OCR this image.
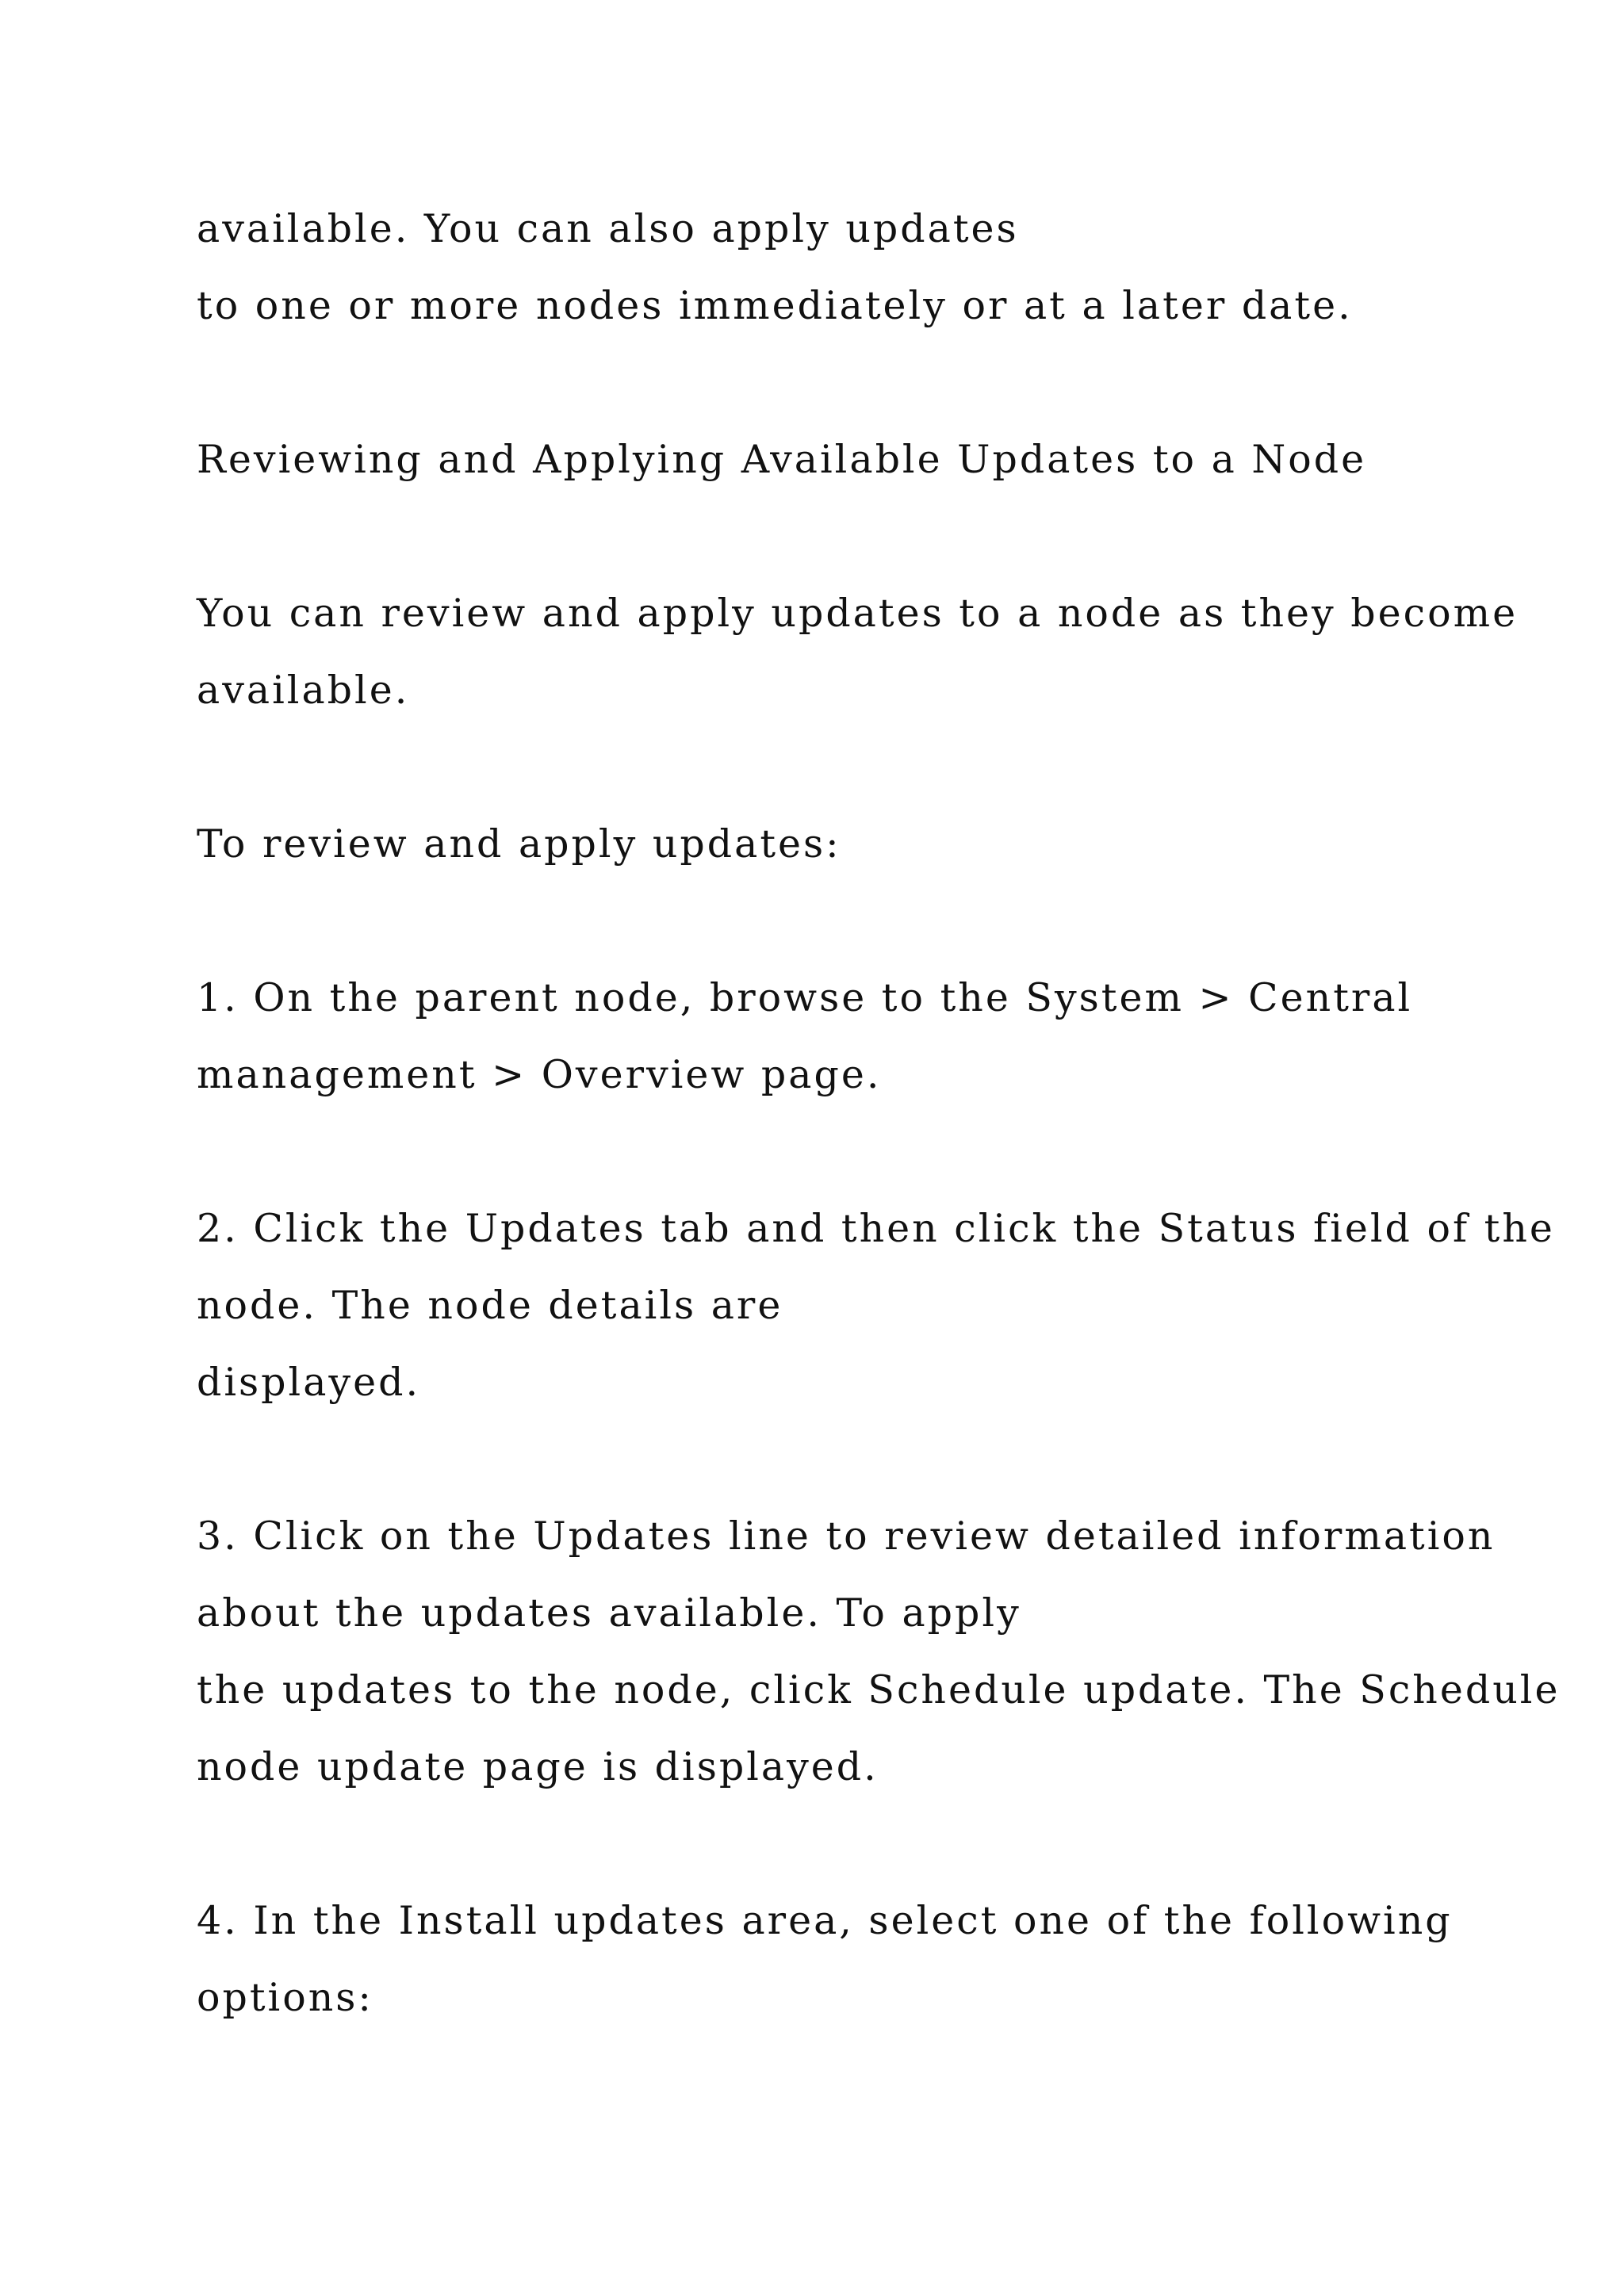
available. You can also apply updates
to one or more nodes immediately or at a later date.
Reviewing and Applying Available Updates to a Node
You can review and apply updates to a node as they become
available.
To review and apply updates:
1. On the parent node, browse to the System > Central
management > Overview page.
2. Click the Updates tab and then click the Status field of the
node. The node details are
displayed.
3. Click on the Updates line to review detailed information
about the updates available. To apply
the updates to the node, click Schedule update. The Schedule
node update page is displayed.
4. In the Install updates area, select one of the following
options:
